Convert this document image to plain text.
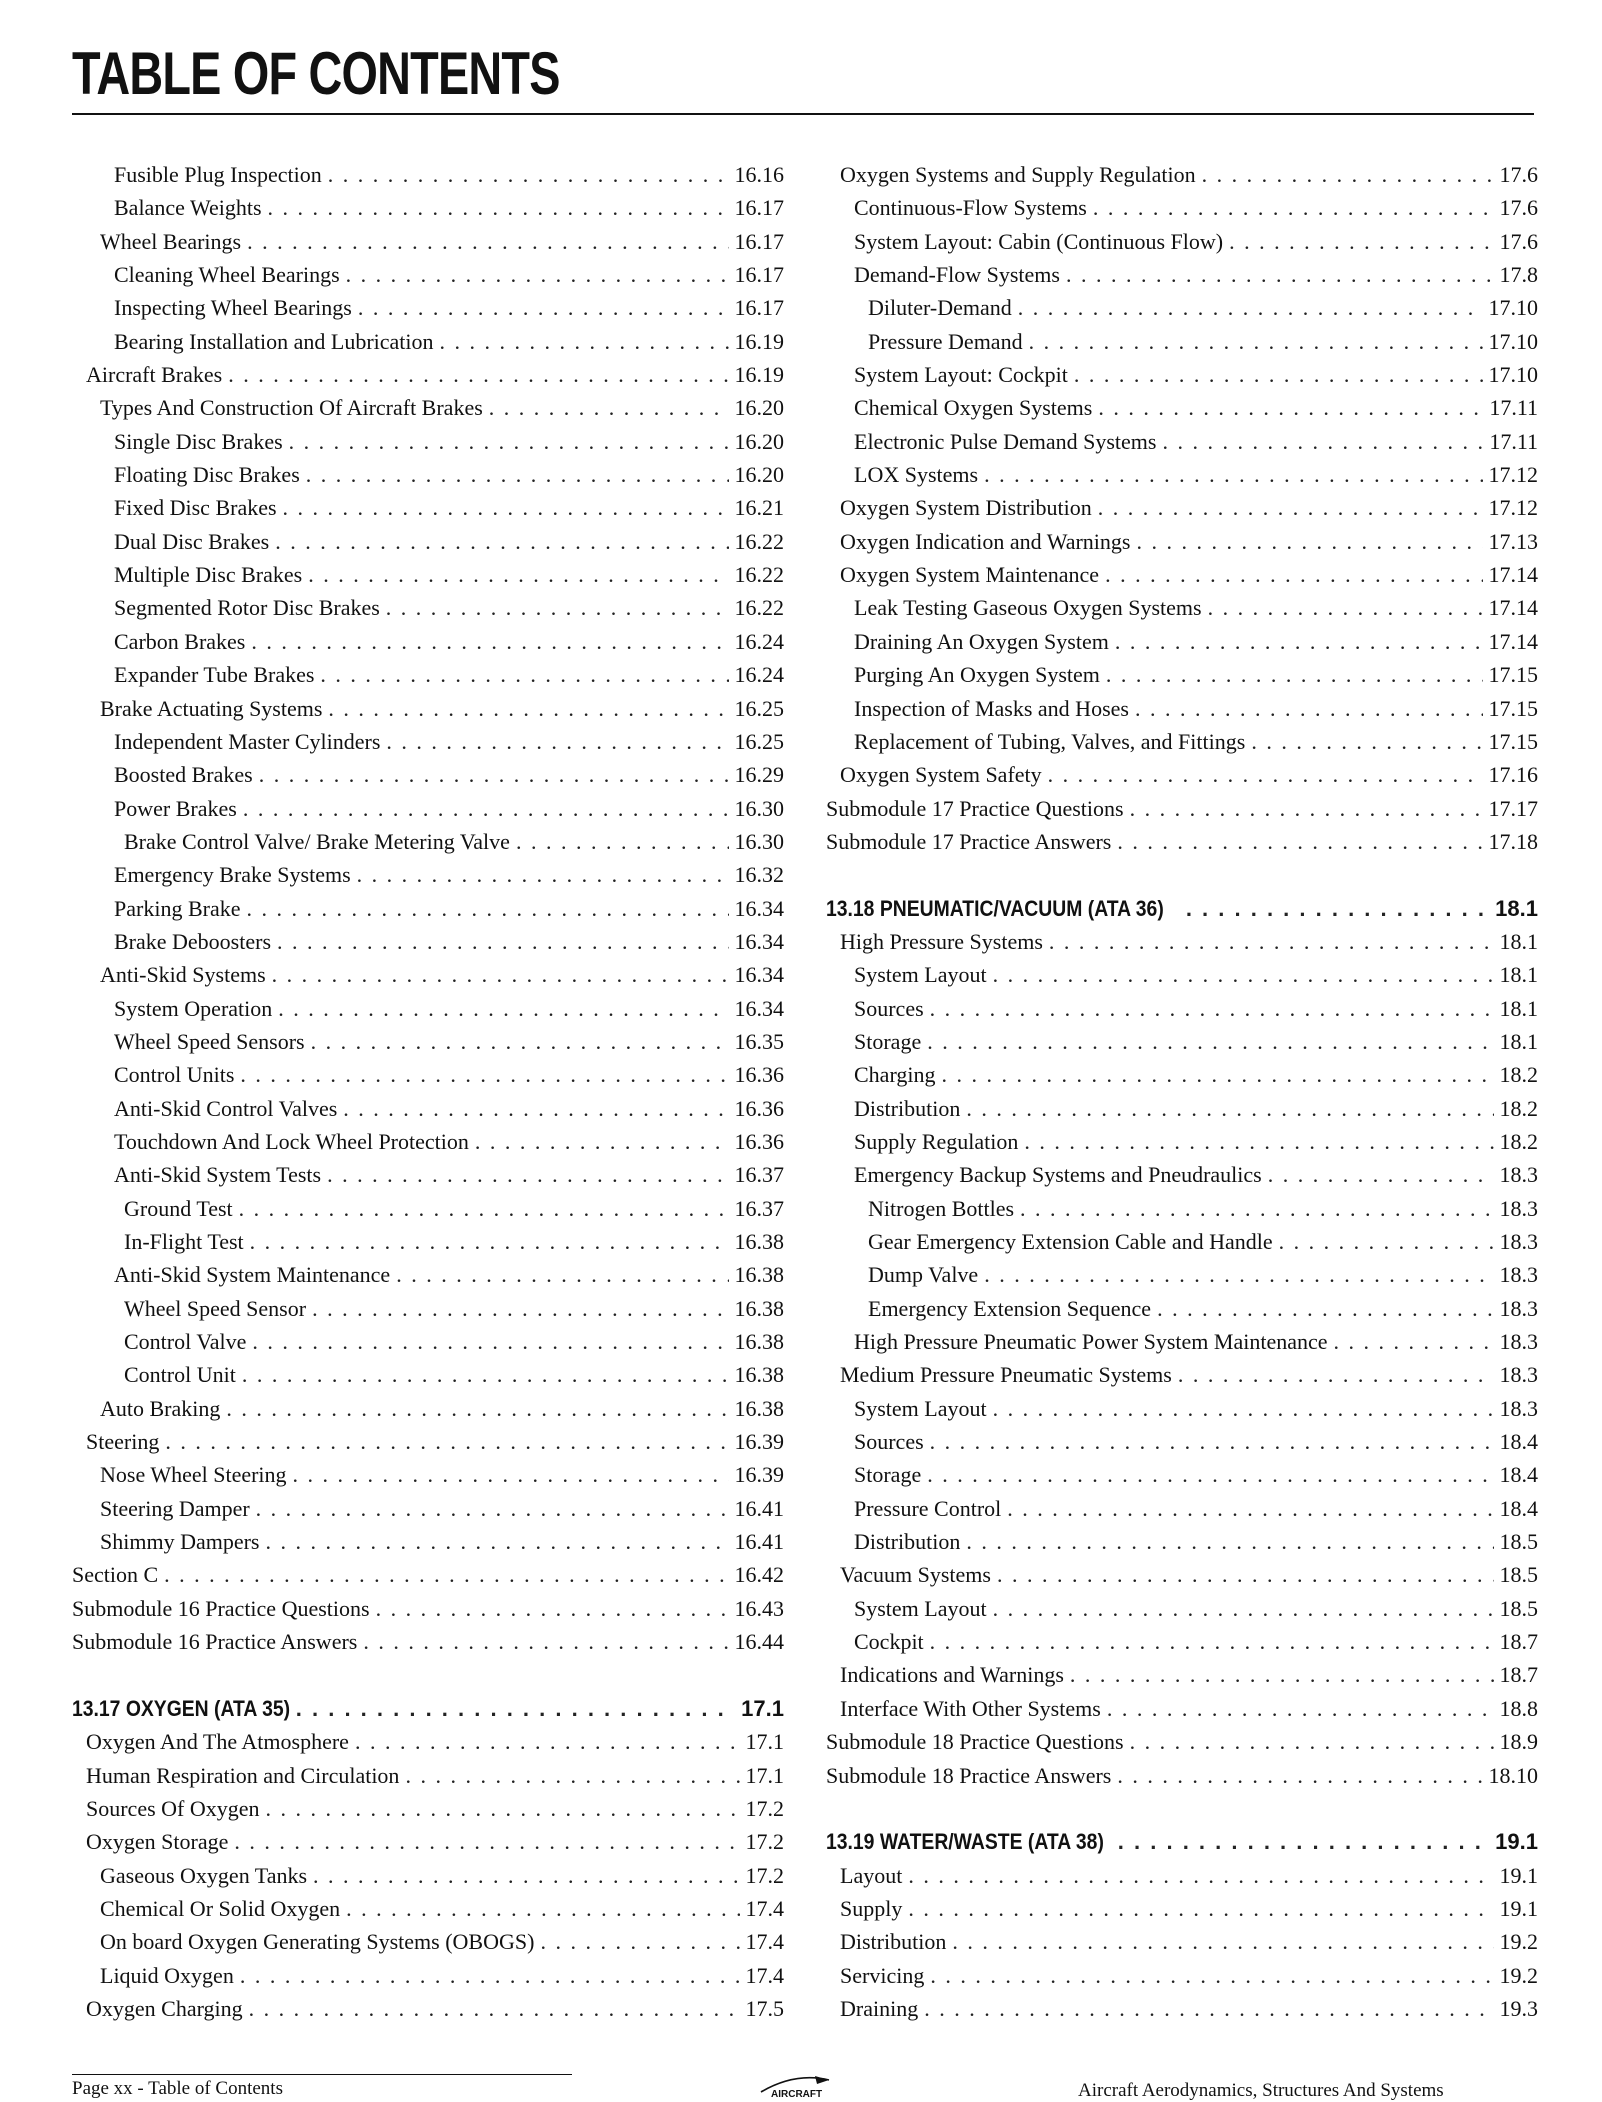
TABLE OF CONTENTS
Fusible Plug Inspection . . .	16.16
Balance Weights . . .	16.17
Wheel Bearings . . .	16.17
Cleaning Wheel Bearings . . .	16.17
Inspecting Wheel Bearings . . .	16.17
Bearing Installation and Lubrication . . .	16.19
Aircraft Brakes . . .	16.19
Types And Construction Of Aircraft Brakes . . .	16.20
Single Disc Brakes . . .	16.20
Floating Disc Brakes . . .	16.20
Fixed Disc Brakes . . .	16.21
Dual Disc Brakes . . .	16.22
Multiple Disc Brakes . . .	16.22
Segmented Rotor Disc Brakes . . .	16.22
Carbon Brakes . . .	16.24
Expander Tube Brakes . . .	16.24
Brake Actuating Systems . . .	16.25
Independent Master Cylinders . . .	16.25
Boosted Brakes . . .	16.29
Power Brakes . . .	16.30
Brake Control Valve/ Brake Metering Valve . . .	16.30
Emergency Brake Systems . . .	16.32
Parking Brake . . .	16.34
Brake Deboosters . . .	16.34
Anti-Skid Systems . . .	16.34
System Operation . . .	16.34
Wheel Speed Sensors . . .	16.35
Control Units . . .	16.36
Anti-Skid Control Valves . . .	16.36
Touchdown And Lock Wheel Protection . . .	16.36
Anti-Skid System Tests . . .	16.37
Ground Test . . .	16.37
In-Flight Test . . .	16.38
Anti-Skid System Maintenance . . .	16.38
Wheel Speed Sensor . . .	16.38
Control Valve . . .	16.38
Control Unit . . .	16.38
Auto Braking . . .	16.38
Steering . . .	16.39
Nose Wheel Steering . . .	16.39
Steering Damper . . .	16.41
Shimmy Dampers . . .	16.41
Section C . . .	16.42
Submodule 16 Practice Questions . . .	16.43
Submodule 16 Practice Answers . . .	16.44
13.17 OXYGEN (ATA 35) . . .	17.1
Oxygen And The Atmosphere . . .	17.1
Human Respiration and Circulation . . .	17.1
Sources Of Oxygen . . .	17.2
Oxygen Storage . . .	17.2
Gaseous Oxygen Tanks . . .	17.2
Chemical Or Solid Oxygen . . .	17.4
On board Oxygen Generating Systems (OBOGS) . . .	17.4
Liquid Oxygen . . .	17.4
Oxygen Charging . . .	17.5
Oxygen Systems and Supply Regulation . . .	17.6
Continuous-Flow Systems . . .	17.6
System Layout: Cabin (Continuous Flow) . . .	17.6
Demand-Flow Systems . . .	17.8
Diluter-Demand . . .	17.10
Pressure Demand . . .	17.10
System Layout: Cockpit . . .	17.10
Chemical Oxygen Systems . . .	17.11
Electronic Pulse Demand Systems . . .	17.11
LOX Systems . . .	17.12
Oxygen System Distribution . . .	17.12
Oxygen Indication and Warnings . . .	17.13
Oxygen System Maintenance . . .	17.14
Leak Testing Gaseous Oxygen Systems . . .	17.14
Draining An Oxygen System . . .	17.14
Purging An Oxygen System . . .	17.15
Inspection of Masks and Hoses . . .	17.15
Replacement of Tubing, Valves, and Fittings . . .	17.15
Oxygen System Safety . . .	17.16
Submodule 17 Practice Questions . . .	17.17
Submodule 17 Practice Answers . . .	17.18
13.18 PNEUMATIC/VACUUM (ATA 36) . . .	18.1
High Pressure Systems . . .	18.1
System Layout . . .	18.1
Sources . . .	18.1
Storage . . .	18.1
Charging . . .	18.2
Distribution . . .	18.2
Supply Regulation . . .	18.2
Emergency Backup Systems and Pneudraulics . . .	18.3
Nitrogen Bottles . . .	18.3
Gear Emergency Extension Cable and Handle . . .	18.3
Dump Valve . . .	18.3
Emergency Extension Sequence . . .	18.3
High Pressure Pneumatic Power System Maintenance . . .	18.3
Medium Pressure Pneumatic Systems . . .	18.3
System Layout . . .	18.3
Sources . . .	18.4
Storage . . .	18.4
Pressure Control . . .	18.4
Distribution . . .	18.5
Vacuum Systems . . .	18.5
System Layout . . .	18.5
Cockpit . . .	18.7
Indications and Warnings . . .	18.7
Interface With Other Systems . . .	18.8
Submodule 18 Practice Questions . . .	18.9
Submodule 18 Practice Answers . . .	18.10
13.19 WATER/WASTE (ATA 38) . . .	19.1
Layout . . .	19.1
Supply . . .	19.1
Distribution . . .	19.2
Servicing . . .	19.2
Draining . . .	19.3

Page xx - Table of Contents	AIRCRAFT	Aircraft Aerodynamics, Structures And Systems
